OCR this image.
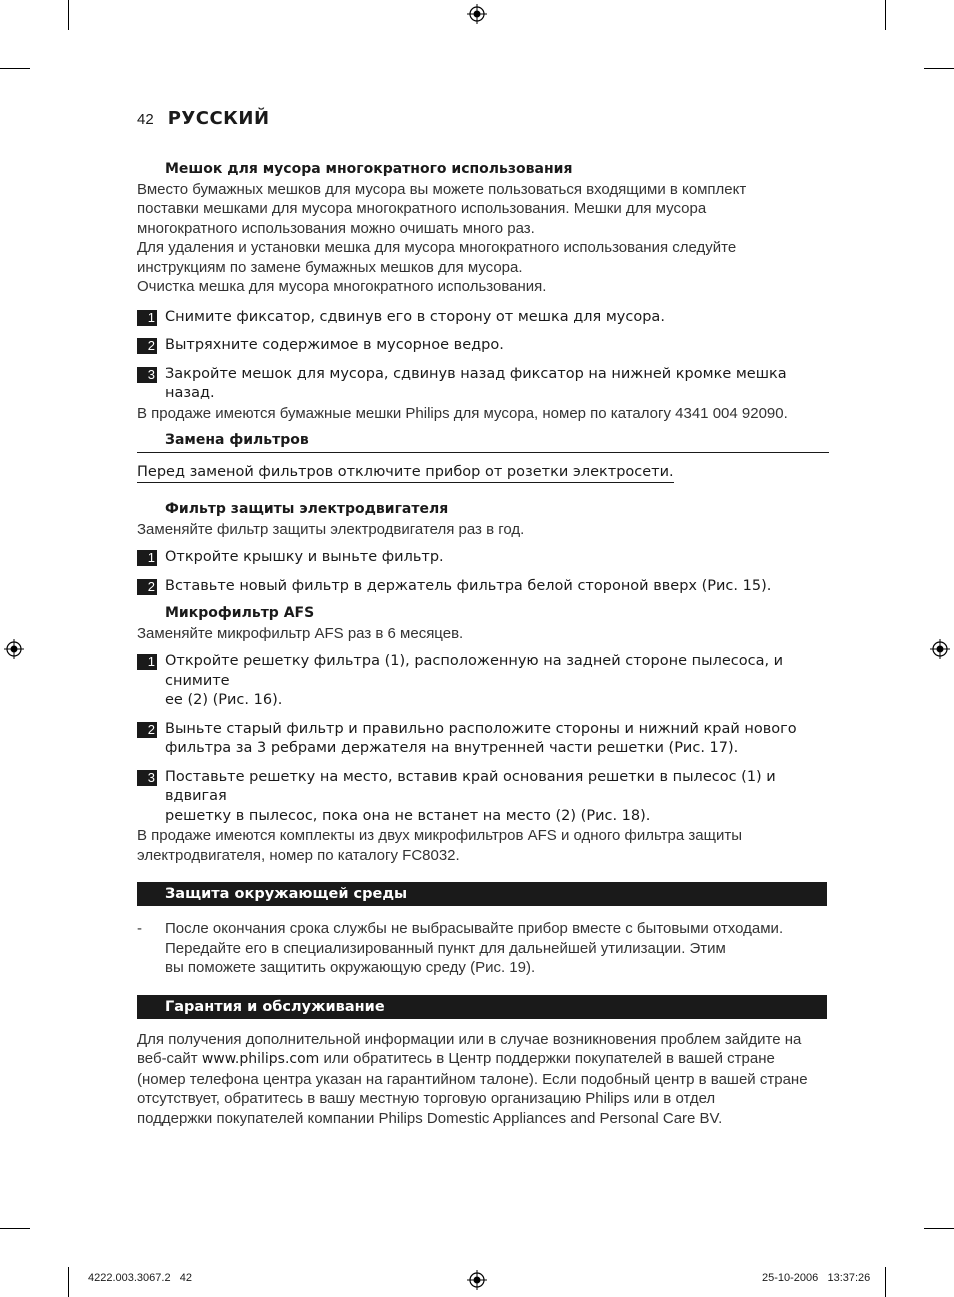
42 РУССКИЙ
Мешок для мусора многократного использования
Вместо бумажных мешков для мусора вы можете пользоваться входящими в комплект
поставки мешками для мусора многократного использования. Мешки для мусора
многократного использования можно очишать много раз.
Для удаления и установки мешка для мусора многократного использования следуйте
инструкциям по замене бумажных мешков для мусора.
Очистка мешка для мусора многократного использования.
1 Снимите фиксатор, сдвинув его в сторону от мешка для мусора.
2 Вытряхните содержимое в мусорное ведро.
3 Закройте мешок для мусора, сдвинув назад фиксатор на нижней кромке мешка назад.
В продаже имеются бумажные мешки Philips для мусора, номер по каталогу 4341 004 92090.
Замена фильтров
Перед заменой фильтров отключите прибор от розетки электросети.
Фильтр защиты электродвигателя
Заменяйте фильтр защиты электродвигателя раз в год.
1 Откройте крышку и выньте фильтр.
2 Вставьте новый фильтр в держатель фильтра белой стороной вверх (Рис. 15).
Микрофильтр AFS
Заменяйте микрофильтр AFS раз в 6 месяцев.
1 Откройте решетку фильтра (1), расположенную на задней стороне пылесоса, и снимите
ее (2) (Рис. 16).
2 Выньте старый фильтр и правильно расположите стороны и нижний край нового
фильтра за 3 ребрами держателя на внутренней части решетки (Рис. 17).
3 Поставьте решетку на место, вставив край основания решетки в пылесос (1) и вдвигая
решетку в пылесос, пока она не встанет на место (2) (Рис. 18).
В продаже имеются комплекты из двух микрофильтров AFS и одного фильтра защиты
электродвигателя, номер по каталогу FC8032.
Защита окружающей среды
-	После окончания срока службы не выбрасывайте прибор вместе с бытовыми отходами.
Передайте его в специализированный пункт для дальнейшей утилизации. Этим
вы поможете защитить окружающую среду (Рис. 19).
Гарантия и обслуживание
Для получения дополнительной информации или в случае возникновения проблем зайдите на
веб-сайт www.philips.com или обратитесь в Центр поддержки покупателей в вашей стране
(номер телефона центра указан на гарантийном талоне). Если подобный центр в вашей стране
отсутствует, обратитесь в вашу местную торговую организацию Philips или в отдел
поддержки покупателей компании Philips Domestic Appliances and Personal Care BV.
4222.003.3067.2 42	25-10-2006 13:37:26
